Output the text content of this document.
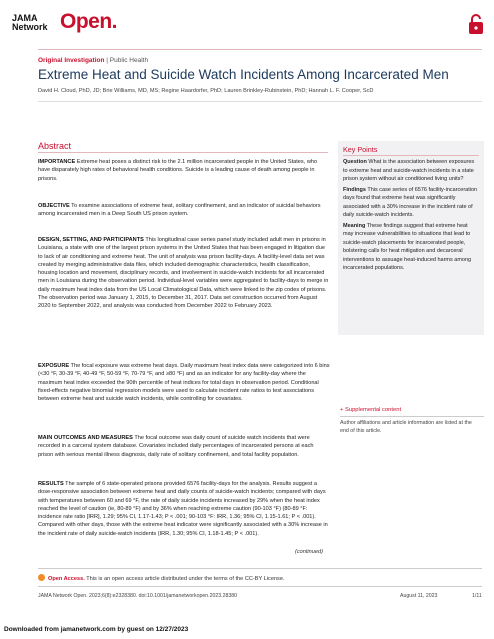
JAMA
Network Open.
Original Investigation | Public Health
Extreme Heat and Suicide Watch Incidents Among Incarcerated Men
David H. Cloud, PhD, JD; Brie Williams, MD, MS; Regine Haardorfer, PhD; Lauren Brinkley-Rubinstein, PhD; Hannah L. F. Cooper, ScD
Abstract
IMPORTANCE Extreme heat poses a distinct risk to the 2.1 million incarcerated people in the United States, who have disparately high rates of behavioral health conditions. Suicide is a leading cause of death among people in prisons.
OBJECTIVE To examine associations of extreme heat, solitary confinement, and an indicator of suicidal behaviors among incarcerated men in a Deep South US prison system.
DESIGN, SETTING, AND PARTICIPANTS This longitudinal case series panel study included adult men in prisons in Louisiana, a state with one of the largest prison systems in the United States that has been engaged in litigation due to lack of air conditioning and extreme heat. The unit of analysis was prison facility-days. A facility-level data set was created by merging administrative data files, which included demographic characteristics, health classification, housing location and movement, disciplinary records, and involvement in suicide-watch incidents for all incarcerated men in Louisiana during the observation period. Individual-level variables were aggregated to facility-days to merge in daily maximum heat index data from the US Local Climatological Data, which were linked to the zip codes of prisons. The observation period was January 1, 2015, to December 31, 2017. Data set construction occurred from August 2020 to September 2022, and analysis was conducted from December 2022 to February 2023.
EXPOSURE The focal exposure was extreme heat days. Daily maximum heat index data were categorized into 6 bins (<30 °F, 30-39 °F, 40-49 °F, 50-59 °F, 70-79 °F, and ≥80 °F) and as an indicator for any facility-day where the maximum heat index exceeded the 90th percentile of heat indices for total days in observation period. Conditional fixed-effects negative binomial regression models were used to calculate incident rate ratios to test associations between extreme heat and suicide watch incidents, while controlling for covariates.
MAIN OUTCOMES AND MEASURES The focal outcome was daily count of suicide watch incidents that were recorded in a carceral system database. Covariates included daily percentages of incarcerated persons at each prison with serious mental illness diagnosis, daily rate of solitary confinement, and total facility population.
RESULTS The sample of 6 state-operated prisons provided 6576 facility-days for the analysis. Results suggest a dose-responsive association between extreme heat and daily counts of suicide-watch incidents; compared with days with temperatures between 60 and 69 °F, the rate of daily suicide incidents increased by 29% when the heat index reached the level of caution (ie, 80-89 °F) and by 36% when reaching extreme caution (90-103 °F) (80-89 °F: incidence rate ratio [IRR], 1.29; 95% CI, 1.17-1.43; P < .001; 90-103 °F: IRR, 1.36; 95% CI, 1.15-1.61; P < .001). Compared with other days, those with the extreme heat indicator were significantly associated with a 30% increase in the incident rate of daily suicide-watch incidents (IRR, 1.30; 95% CI, 1.18-1.45; P < .001).
(continued)
Key Points

Question What is the association between exposures to extreme heat and suicide-watch incidents in a state prison system without air conditioned living units?

Findings This case series of 6576 facility-incarceration days found that extreme heat was significantly associated with a 30% increase in the incident rate of daily suicide-watch incidents.

Meaning These findings suggest that extreme heat may increase vulnerabilities to situations that lead to suicide-watch placements for incarcerated people, bolstering calls for heat mitigation and decarceral interventions to assuage heat-induced harms among incarcerated populations.

+ Supplemental content
Author affiliations and article information are listed at the end of this article.
Open Access. This is an open access article distributed under the terms of the CC-BY License.
JAMA Network Open. 2023;6(8):e2328380. doi:10.1001/jamanetworkopen.2023.28380	August 11, 2023	1/11
Downloaded from jamanetwork.com by guest on 12/27/2023
